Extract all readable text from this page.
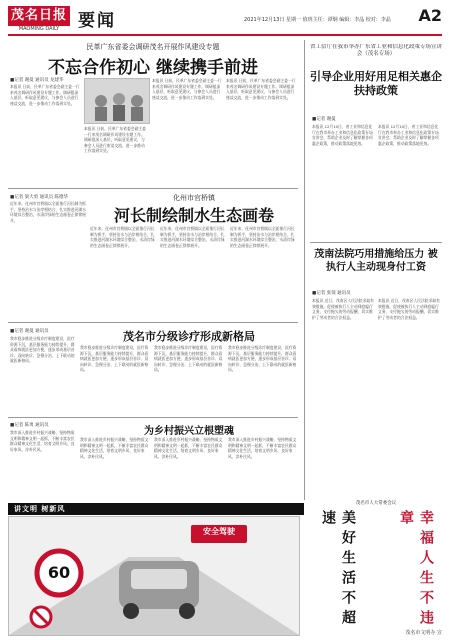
茂名日报
MAOMING DAILY	要闻	2021年12月13日 星期一 值班主任：谭炯 编辑：李晶 校对：李晶	A2
民革广东省委会调研茂名开展作风建设专题
不忘合作初心 继续携手前进
■记者 谢曼 通讯员 龙建华
本报讯 日前，民革广东省委会副主委一行来茂名调研作风建设专题工作。调研组深入基层，听取意见建议，与参会人员进行座谈交流，进一步推动工作落到实处。
本报讯 日前，民革广东省委会副主委一行来茂名调研作风建设专题工作。调研组深入基层，听取意见建议，与参会人员进行座谈交流，进一步推动工作落到实处。
本报讯 日前，民革广东省委会副主委一行来茂名调研作风建设专题工作。调研组深入基层，听取意见建议，与参会人员进行座谈交流，进一步推动工作落到实处。
本报讯 日前，民革广东省委会副主委一行来茂名调研作风建设专题工作。调研组深入基层，听取意见建议，与参会人员进行座谈交流，进一步推动工作落到实处。
化州市官桥镇
河长制绘制水生态画卷
■记者 梁大勇 通讯员 陈德华
近年来，化州市官桥镇以全面推行河长制为抓手，坚持治水与治岸相结合，扎实推进河湖水环境综合整治，水清岸绿的生态画卷正徐徐展开。
近年来，化州市官桥镇以全面推行河长制为抓手，坚持治水与治岸相结合，扎实推进河湖水环境综合整治，水清岸绿的生态画卷正徐徐展开。
近年来，化州市官桥镇以全面推行河长制为抓手，坚持治水与治岸相结合，扎实推进河湖水环境综合整治，水清岸绿的生态画卷正徐徐展开。
近年来，化州市官桥镇以全面推行河长制为抓手，坚持治水与治岸相结合，扎实推进河湖水环境综合整治，水清岸绿的生态画卷正徐徐展开。
茂名市分级诊疗形成新格局
■记者 谢曼 通讯员
我市稳步推进分级诊疗制度建设，医疗资源下沉，基层服务能力持续提升，群众看病就医更加方便，逐步形成基层首诊、双向转诊、急慢分治、上下联动的就医新格局。
我市稳步推进分级诊疗制度建设，医疗资源下沉，基层服务能力持续提升，群众看病就医更加方便，逐步形成基层首诊、双向转诊、急慢分治、上下联动的就医新格局。
我市稳步推进分级诊疗制度建设，医疗资源下沉，基层服务能力持续提升，群众看病就医更加方便，逐步形成基层首诊、双向转诊、急慢分治、上下联动的就医新格局。
我市稳步推进分级诊疗制度建设，医疗资源下沉，基层服务能力持续提升，群众看病就医更加方便，逐步形成基层首诊、双向转诊、急慢分治、上下联动的就医新格局。
为乡村振兴立根塑魂
■记者 陈勇 通讯员
我市深入推进乡村振兴战略，坚持物质文明和精神文明一起抓，不断丰富农民群众精神文化生活，培育文明乡风、良好家风、淳朴民风。
我市深入推进乡村振兴战略，坚持物质文明和精神文明一起抓，不断丰富农民群众精神文化生活，培育文明乡风、良好家风、淳朴民风。
我市深入推进乡村振兴战略，坚持物质文明和精神文明一起抓，不断丰富农民群众精神文化生活，培育文明乡风、良好家风、淳朴民风。
我市深入推进乡村振兴战略，坚持物质文明和精神文明一起抓，不断丰富农民群众精神文化生活，培育文明乡风、良好家风、淳朴民风。
省工信厅在我市举办广东省工业和信息化政策专场宣讲会（茂名专场）
引导企业用好用足相关惠企扶持政策
■记者 谢曼
本报讯 12月10日，省工业和信息化厅在我市举办工业和信息化政策专场宣讲会，帮助企业及时了解掌握各项惠企政策，推动政策落地见效。
本报讯 12月10日，省工业和信息化厅在我市举办工业和信息化政策专场宣讲会，帮助企业及时了解掌握各项惠企政策，推动政策落地见效。
茂南法院巧用措施给压力 被执行人主动现身付工资
■记者 张领 通讯员
本报讯 近日，茂南区人民法院采取有效措施，促使被执行人主动到庭履行义务，支付拖欠的劳动报酬，切实维护了劳动者的合法权益。
本报讯 近日，茂南区人民法院采取有效措施，促使被执行人主动到庭履行义务，支付拖欠的劳动报酬，切实维护了劳动者的合法权益。
讲文明 树新风
安全驾驶
60	美好生活不超速	幸福人生不违章
茂名市文明办 宣
茂名市人大常委会议
